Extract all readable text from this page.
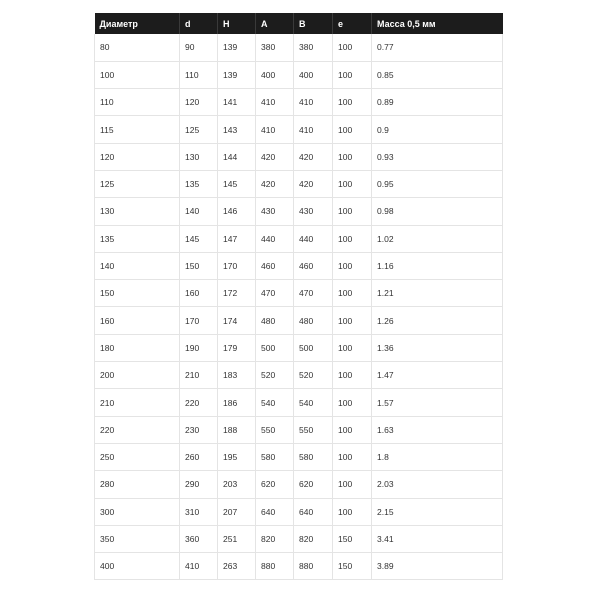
Диаметр	d	H	A	B	e	Масса 0,5 мм
80	90	139	380	380	100	0.77
100	110	139	400	400	100	0.85
110	120	141	410	410	100	0.89
115	125	143	410	410	100	0.9
120	130	144	420	420	100	0.93
125	135	145	420	420	100	0.95
130	140	146	430	430	100	0.98
135	145	147	440	440	100	1.02
140	150	170	460	460	100	1.16
150	160	172	470	470	100	1.21
160	170	174	480	480	100	1.26
180	190	179	500	500	100	1.36
200	210	183	520	520	100	1.47
210	220	186	540	540	100	1.57
220	230	188	550	550	100	1.63
250	260	195	580	580	100	1.8
280	290	203	620	620	100	2.03
300	310	207	640	640	100	2.15
350	360	251	820	820	150	3.41
400	410	263	880	880	150	3.89
